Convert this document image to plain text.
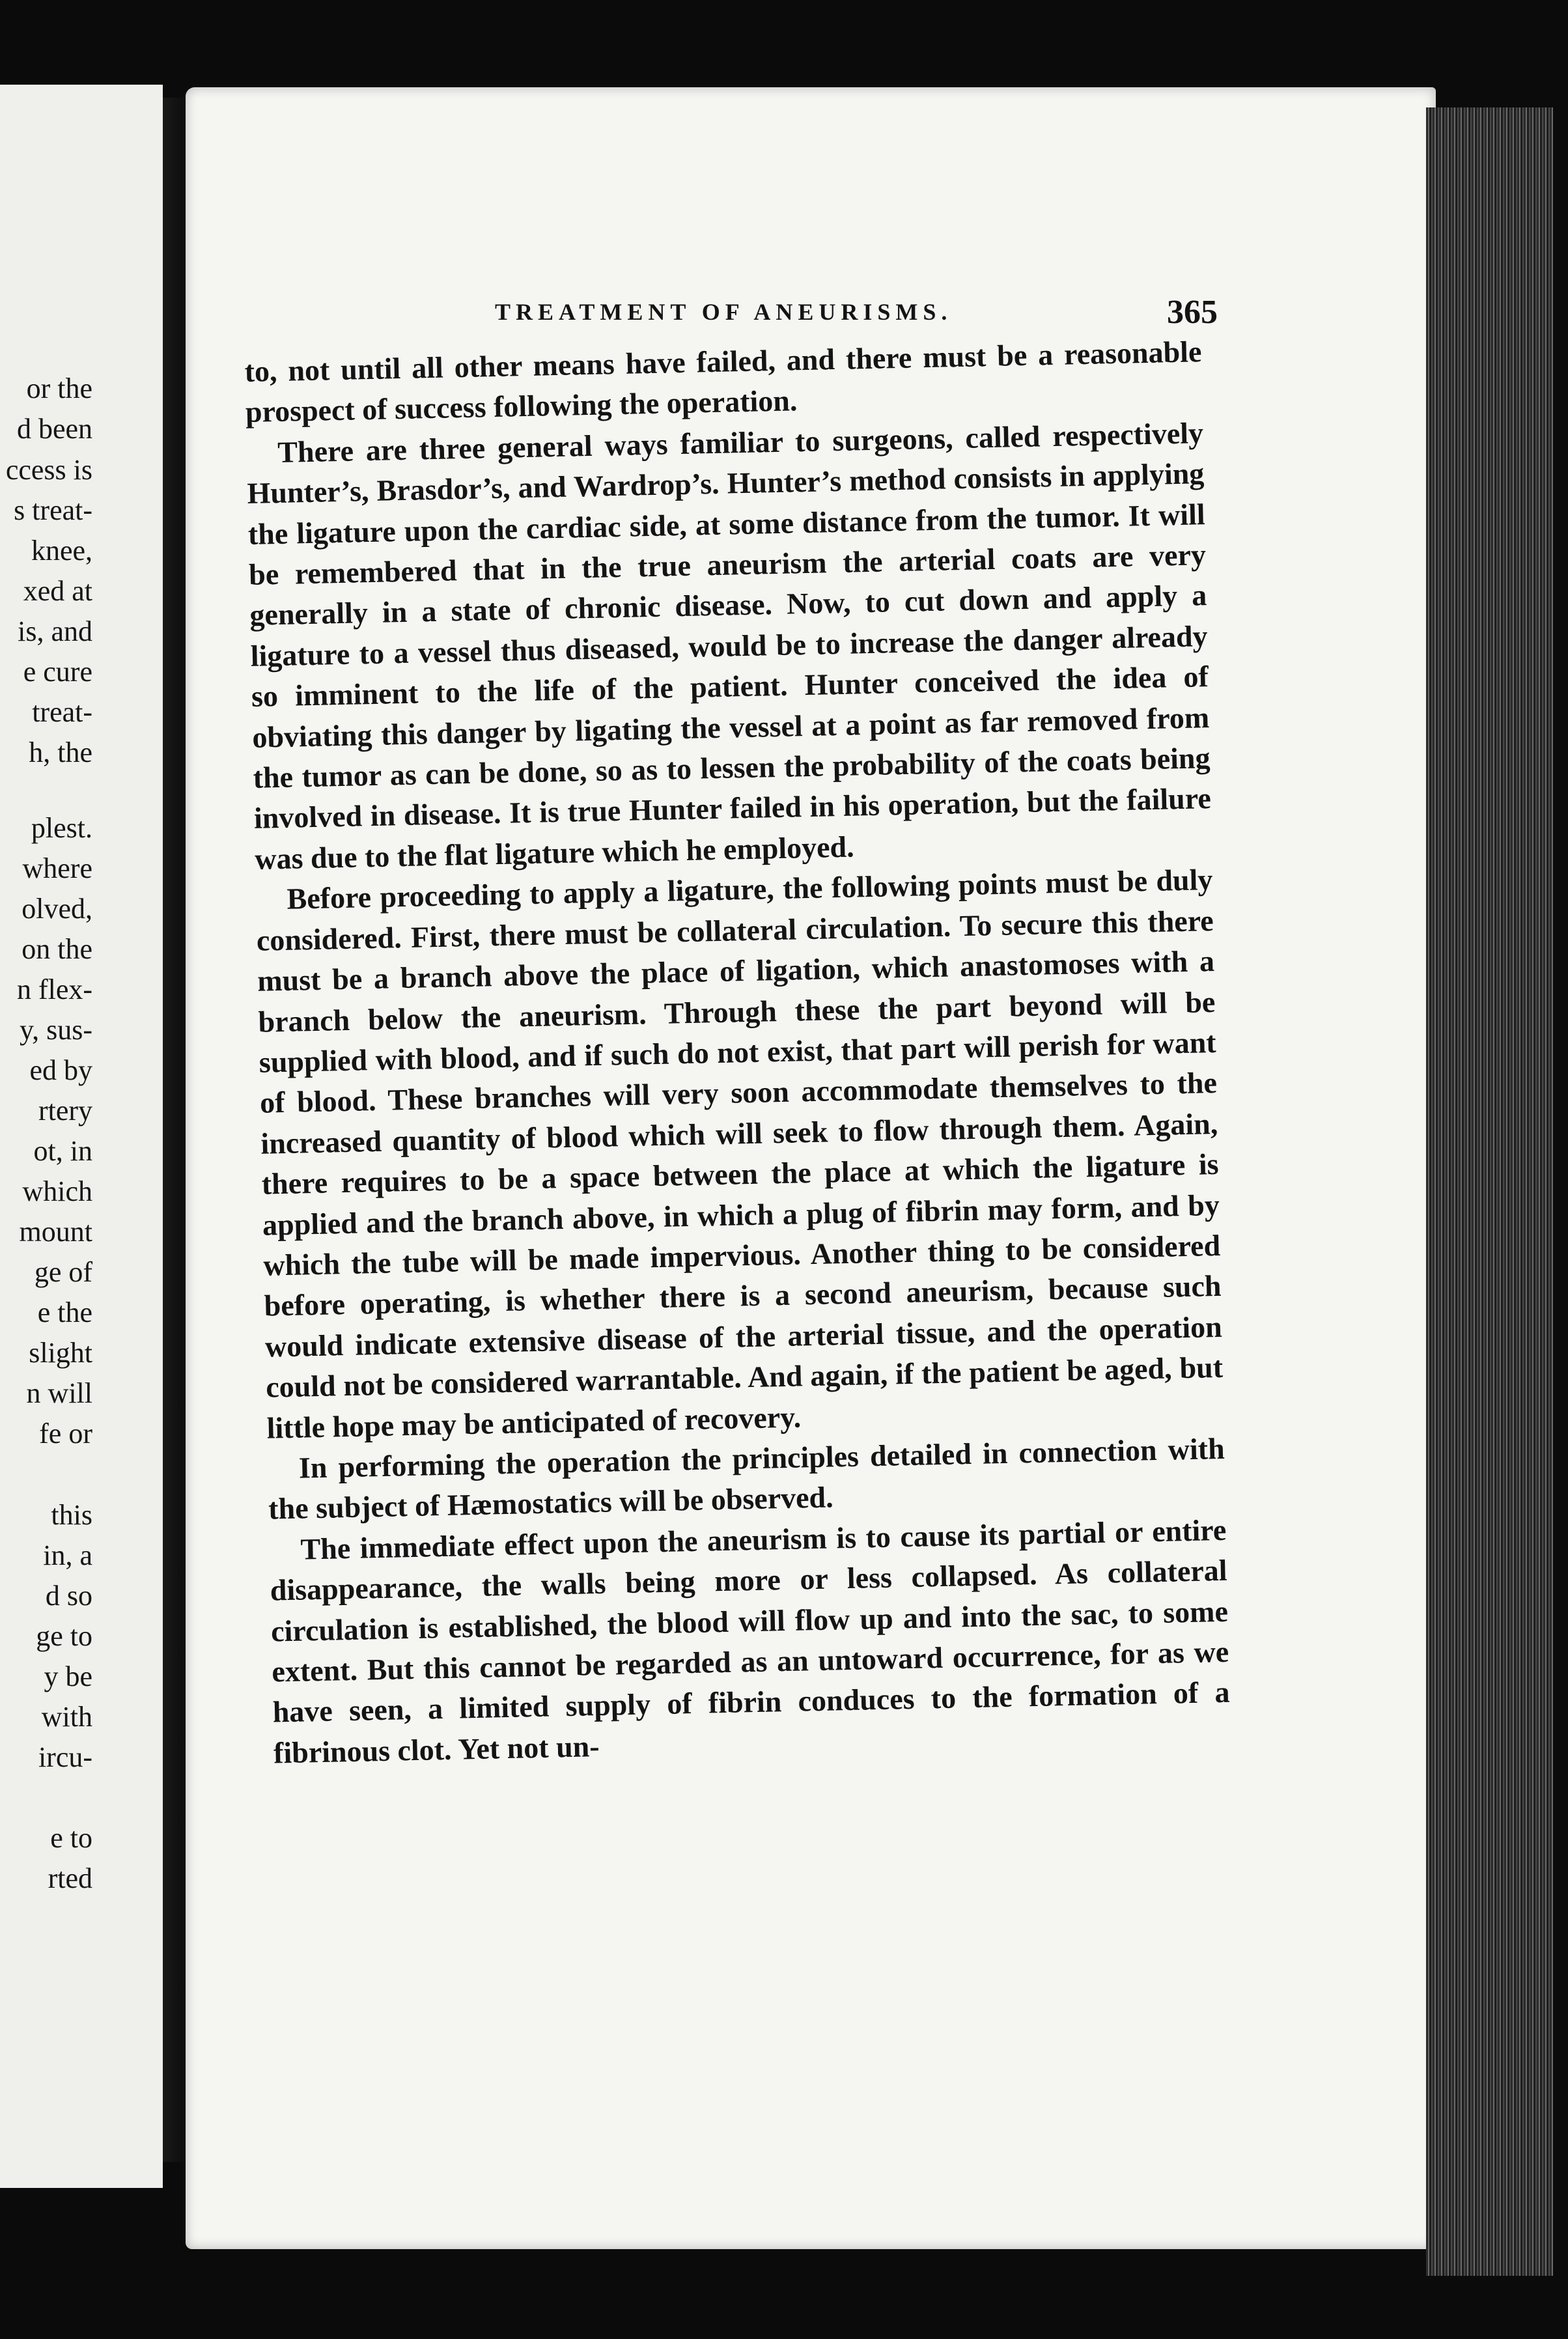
or the
d been
ccess is
s treat-
knee,
xed at
is, and
e cure
treat-
h, the
plest.
where
olved,
on the
n flex-
y, sus-
ed by
rtery
ot, in
which
mount
ge of
e the
slight
n will
fe or
this
in, a
d so
ge to
y be
with
ircu-
e to
rted
TREATMENT OF ANEURISMS.	365

to, not until all other means have failed, and there must be a reasonable prospect of success following the operation.

There are three general ways familiar to surgeons, called respectively Hunter’s, Brasdor’s, and Wardrop’s. Hunter’s method consists in applying the ligature upon the cardiac side, at some distance from the tumor. It will be remembered that in the true aneurism the arterial coats are very generally in a state of chronic disease. Now, to cut down and apply a ligature to a vessel thus diseased, would be to increase the danger already so imminent to the life of the patient. Hunter conceived the idea of obviating this danger by ligating the vessel at a point as far removed from the tumor as can be done, so as to lessen the probability of the coats being involved in disease. It is true Hunter failed in his operation, but the failure was due to the flat ligature which he employed.

Before proceeding to apply a ligature, the following points must be duly considered. First, there must be collateral circulation. To secure this there must be a branch above the place of ligation, which anastomoses with a branch below the aneurism. Through these the part beyond will be supplied with blood, and if such do not exist, that part will perish for want of blood. These branches will very soon accommodate themselves to the increased quantity of blood which will seek to flow through them. Again, there requires to be a space between the place at which the ligature is applied and the branch above, in which a plug of fibrin may form, and by which the tube will be made impervious. Another thing to be considered before operating, is whether there is a second aneurism, because such would indicate extensive disease of the arterial tissue, and the operation could not be considered warrantable. And again, if the patient be aged, but little hope may be anticipated of recovery.

In performing the operation the principles detailed in connection with the subject of Hæmostatics will be observed.

The immediate effect upon the aneurism is to cause its partial or entire disappearance, the walls being more or less collapsed. As collateral circulation is established, the blood will flow up and into the sac, to some extent. But this cannot be regarded as an untoward occurrence, for as we have seen, a limited supply of fibrin conduces to the formation of a fibrinous clot. Yet not un-
